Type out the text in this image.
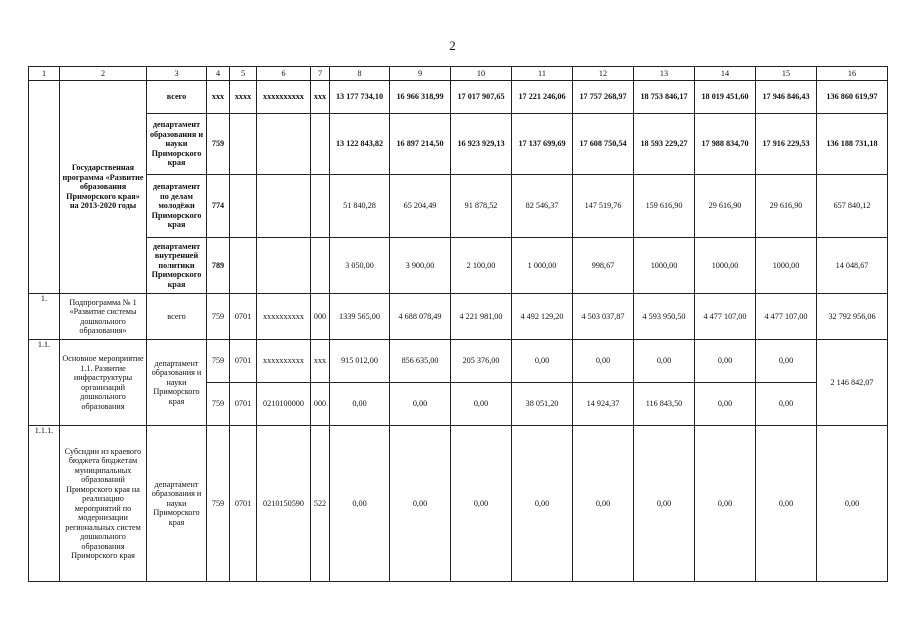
2
1	2	3	4	5	6	7	8	9	10	11	12	13	14	15	16
	Государственная программа «Развитие образования Приморского края» на 2013-2020 годы	всего	xxx	xxxx	xxxxxxxxxx	xxx	13 177 734,10	16 966 318,99	17 017 907,65	17 221 246,06	17 757 268,97	18 753 846,17	18 019 451,60	17 946 846,43	136 860 619,97
		департамент образования и науки Приморского края	759				13 122 843,82	16 897 214,50	16 923 929,13	17 137 699,69	17 608 750,54	18 593 229,27	17 988 834,70	17 916 229,53	136 188 731,18
		департамент по делам молодёжи Приморского края	774				51 840,28	65 204,49	91 878,52	82 546,37	147 519,76	159 616,90	29 616,90	29 616,90	657 840,12
		департамент внутренней политики Приморского края	789				3 050,00	3 900,00	2 100,00	1 000,00	998,67	1000,00	1000,00	1000,00	14 048,67
1.	Подпрограмма № 1 «Развитие системы дошкольного образования»	всего	759	0701	xxxxxxxxxx	000	1339 565,00	4 688 078,49	4 221 981,00	4 492 129,20	4 503 037,87	4 593 950,50	4 477 107,00	4 477 107,00	32 792 956,06
1.1.	Основное мероприятие 1.1. Развитие инфраструктуры организаций дошкольного образования	департамент образования и науки Приморского края	759	0701	xxxxxxxxxx	xxx	915 012,00	856 635,00	205 376,00	0,00	0,00	0,00	0,00	0,00	2 146 842,07
			759	0701	0210100000	000	0,00	0,00	0,00	38 051,20	14 924,37	116 843,50	0,00	0,00	
1.1.1.	Субсидии из краевого бюджета бюджетам муниципальных образований Приморского края на реализацию мероприятий по модернизации региональных систем дошкольного образования Приморского края	департамент образования и науки Приморского края	759	0701	0210150590	522	0,00	0,00	0,00	0,00	0,00	0,00	0,00	0,00	0,00
